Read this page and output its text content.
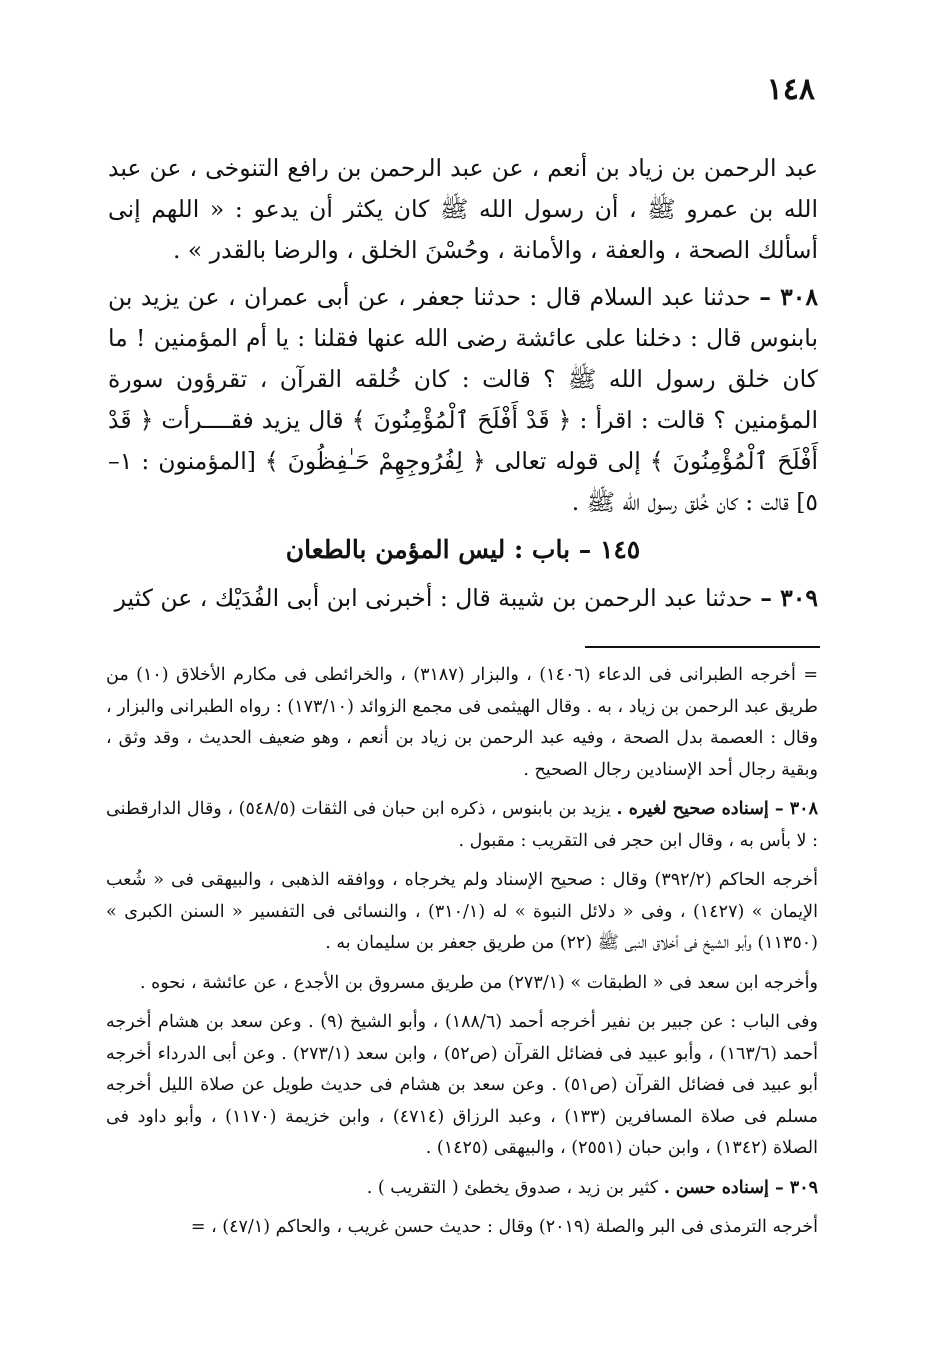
١٤٨

عبد الرحمن بن زياد بن أنعم ، عن عبد الرحمن بن رافع التنوخى ، عن عبد الله بن عمرو ﷺ ، أن رسول الله ﷺ كان يكثر أن يدعو : « اللهم إنى أسألك الصحة ، والعفة ، والأمانة ، وحُسْنَ الخلق ، والرضا بالقدر » .

٣٠٨ – حدثنا عبد السلام قال : حدثنا جعفر ، عن أبى عمران ، عن يزيد بن بابنوس قال : دخلنا على عائشة رضى الله عنها فقلنا : يا أم المؤمنين ! ما كان خلق رسول الله ﷺ ؟ قالت : كان خُلقه القرآن ، تقرؤون سورة المؤمنين ؟ قالت : اقرأ : ﴿ قَدْ أَفْلَحَ ٱلْمُؤْمِنُونَ ﴾ قال يزيد فقــــرأت ﴿ قَدْ أَفْلَحَ ٱلْمُؤْمِنُونَ ﴾ إلى قوله تعالى ﴿ لِفُرُوجِهِمْ حَـٰفِظُونَ ﴾ [المؤمنون : ١–٥] قالت : كان خُلق رسول الله ﷺ .

١٤٥ – باب : ليس المؤمن بالطعان

٣٠٩ – حدثنا عبد الرحمن بن شيبة قال : أخبرنى ابن أبى الفُدَيْك ، عن كثير

= أخرجه الطبرانى فى الدعاء (١٤٠٦) ، والبزار (٣١٨٧) ، والخرائطى فى مكارم الأخلاق (١٠) من طريق عبد الرحمن بن زياد ، به . وقال الهيثمى فى مجمع الزوائد (١٧٣/١٠) : رواه الطبرانى والبزار ، وقال : العصمة بدل الصحة ، وفيه عبد الرحمن بن زياد بن أنعم ، وهو ضعيف الحديث ، وقد وثق ، وبقية رجال أحد الإسنادين رجال الصحيح .

٣٠٨ – إسناده صحيح لغيره . يزيد بن بابنوس ، ذكره ابن حبان فى الثقات (٥٤٨/٥) ، وقال الدارقطنى : لا بأس به ، وقال ابن حجر فى التقريب : مقبول .

أخرجه الحاكم (٣٩٢/٢) وقال : صحيح الإسناد ولم يخرجاه ، ووافقه الذهبى ، والبيهقى فى « شُعب الإيمان » (١٤٢٧) ، وفى « دلائل النبوة » له (٣١٠/١) ، والنسائى فى التفسير « السنن الكبرى » (١١٣٥٠) وأبو الشيخ فى أخلاق النبى ﷺ (٢٢) من طريق جعفر بن سليمان به .

وأخرجه ابن سعد فى « الطبقات » (٢٧٣/١) من طريق مسروق بن الأجدع ، عن عائشة ، نحوه .

وفى الباب : عن جبير بن نفير أخرجه أحمد (١٨٨/٦) ، وأبو الشيخ (٩) . وعن سعد بن هشام أخرجه أحمد (١٦٣/٦) ، وأبو عبيد فى فضائل القرآن (ص٥٢) ، وابن سعد (٢٧٣/١) . وعن أبى الدرداء أخرجه أبو عبيد فى فضائل القرآن (ص٥١) . وعن سعد بن هشام فى حديث طويل عن صلاة الليل أخرجه مسلم فى صلاة المسافرين (١٣٣) ، وعبد الرزاق (٤٧١٤) ، وابن خزيمة (١١٧٠) ، وأبو داود فى الصلاة (١٣٤٢) ، وابن حبان (٢٥٥١) ، والبيهقى (١٤٢٥) .

٣٠٩ – إسناده حسن . كثير بن زيد ، صدوق يخطئ ( التقريب ) .

أخرجه الترمذى فى البر والصلة (٢٠١٩) وقال : حديث حسن غريب ، والحاكم (٤٧/١) ، =
